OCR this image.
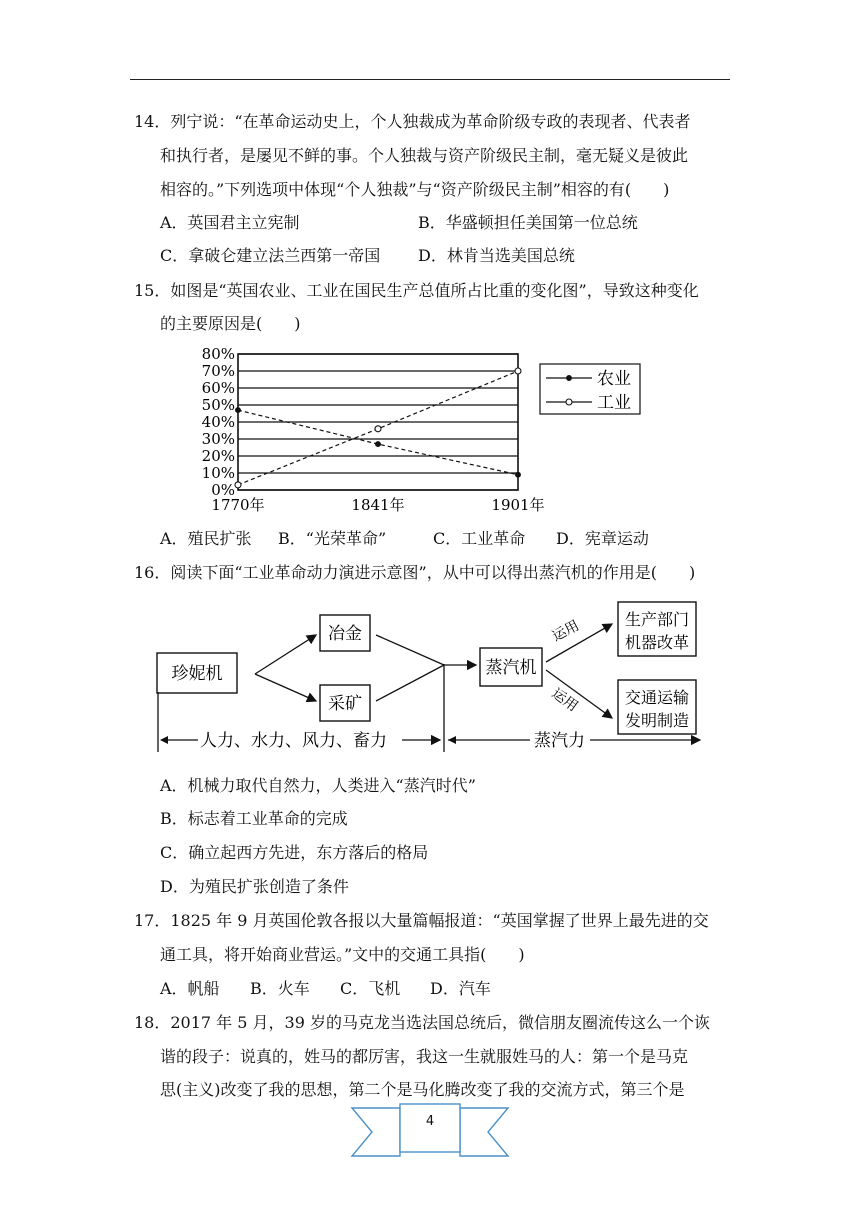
14．列宁说：“在革命运动史上，个人独裁成为革命阶级专政的表现者、代表者
和执行者，是屡见不鲜的事。个人独裁与资产阶级民主制，毫无疑义是彼此
相容的。”下列选项中体现“个人独裁”与“资产阶级民主制”相容的有(　　)
A．英国君主立宪制	B．华盛顿担任美国第一位总统
C．拿破仑建立法兰西第一帝国 D．林肯当选美国总统
15．如图是“英国农业、工业在国民生产总值所占比重的变化图”，导致这种变化
的主要原因是(　　)
80%
70%
60%
50%
40%
30%
20%
10%
0%
1770年	1841年	1901年
农业
工业
A．殖民扩张 B．“光荣革命”	C．工业革命 D．宪章运动
16．阅读下面“工业革命动力演进示意图”，从中可以得出蒸汽机的作用是(　　)
珍妮机
冶金
采矿
蒸汽机
生产部门
机器改革
交通运输
发明制造
运用
运用
人力、水力、风力、畜力	蒸汽力
A．机械力取代自然力，人类进入“蒸汽时代”
B．标志着工业革命的完成
C．确立起西方先进，东方落后的格局
D．为殖民扩张创造了条件
17．1825 年 9 月英国伦敦各报以大量篇幅报道：“英国掌握了世界上最先进的交
通工具，将开始商业营运。”文中的交通工具指(　　)
A．帆船 B．火车 C．飞机 D．汽车
18．2017 年 5 月，39 岁的马克龙当选法国总统后，微信朋友圈流传这么一个诙
谐的段子：说真的，姓马的都厉害，我这一生就服姓马的人：第一个是马克
思(主义)改变了我的思想，第二个是马化腾改变了我的交流方式，第三个是
4
